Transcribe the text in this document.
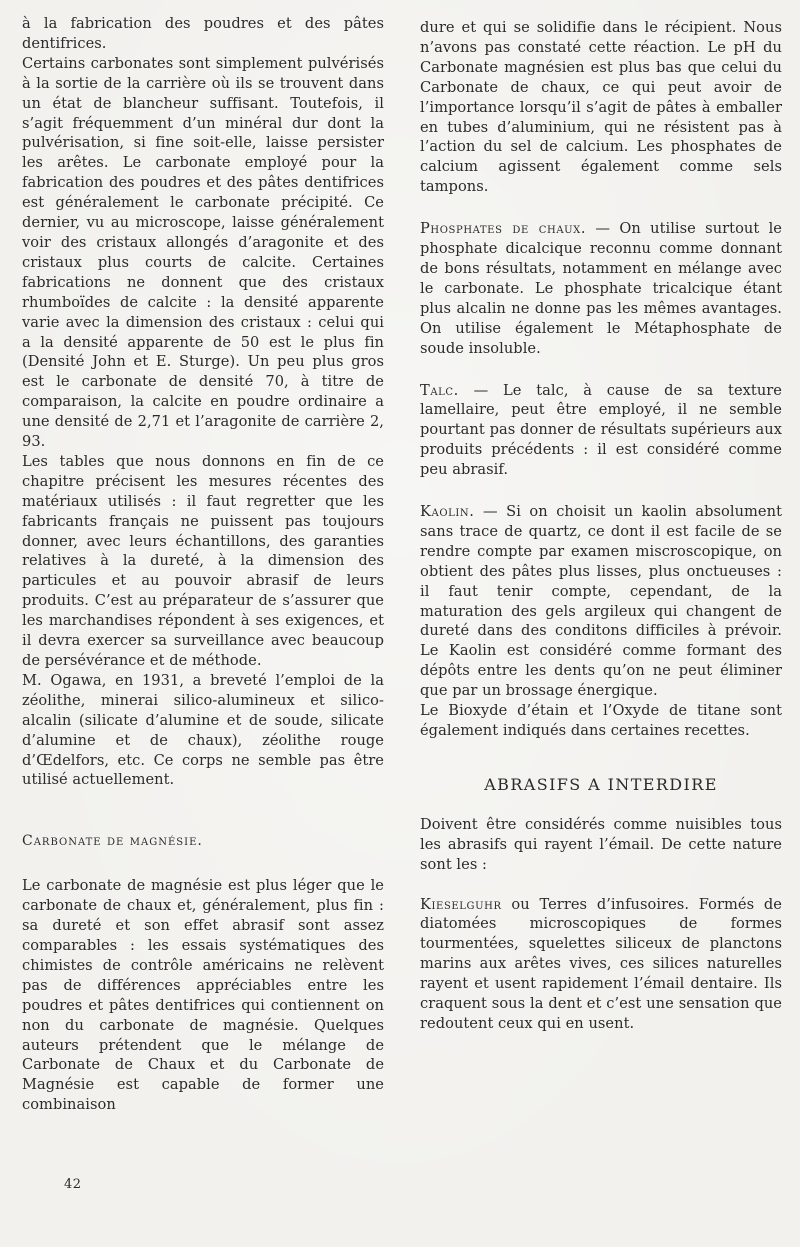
à la fabrication des poudres et des pâtes dentifrices.

Certains carbonates sont simplement pulvérisés à la sortie de la carrière où ils se trouvent dans un état de blancheur suffisant. Toutefois, il s’agit fréquemment d’un minéral dur dont la pulvérisation, si fine soit-elle, laisse persister les arêtes. Le carbonate employé pour la fabrication des poudres et des pâtes dentifrices est généralement le carbonate précipité. Ce dernier, vu au microscope, laisse généralement voir des cristaux allongés d’aragonite et des cristaux plus courts de calcite. Certaines fabrications ne donnent que des cristaux rhumboïdes de calcite : la densité apparente varie avec la dimension des cristaux : celui qui a la densité apparente de 50 est le plus fin (Densité John et E. Sturge). Un peu plus gros est le carbonate de densité 70, à titre de comparaison, la calcite en poudre ordinaire a une densité de 2,71 et l’aragonite de carrière 2, 93.

Les tables que nous donnons en fin de ce chapitre précisent les mesures récentes des matériaux utilisés : il faut regretter que les fabricants français ne puissent pas toujours donner, avec leurs échantillons, des garanties relatives à la dureté, à la dimension des particules et au pouvoir abrasif de leurs produits. C’est au préparateur de s’assurer que les marchandises répondent à ses exigences, et il devra exercer sa surveillance avec beaucoup de persévérance et de méthode.

M. Ogawa, en 1931, a breveté l’emploi de la zéolithe, minerai silico-alumineux et silico-alcalin (silicate d’alumine et de soude, silicate d’alumine et de chaux), zéolithe rouge d’Œdelfors, etc. Ce corps ne semble pas être utilisé actuellement.

Carbonate de magnésie.

Le carbonate de magnésie est plus léger que le carbonate de chaux et, généralement, plus fin : sa dureté et son effet abrasif sont assez comparables : les essais systématiques des chimistes de contrôle américains ne relèvent pas de différences appréciables entre les poudres et pâtes dentifrices qui contiennent on non du carbonate de magnésie. Quelques auteurs prétendent que le mélange de Carbonate de Chaux et du Carbonate de Magnésie est capable de former une combinaison

dure et qui se solidifie dans le récipient. Nous n’avons pas constaté cette réaction. Le pH du Carbonate magnésien est plus bas que celui du Carbonate de chaux, ce qui peut avoir de l’importance lorsqu’il s’agit de pâtes à emballer en tubes d’aluminium, qui ne résistent pas à l’action du sel de calcium. Les phosphates de calcium agissent également comme sels tampons.

Phosphates de chaux. — On utilise surtout le phosphate dicalcique reconnu comme donnant de bons résultats, notamment en mélange avec le carbonate. Le phosphate tricalcique étant plus alcalin ne donne pas les mêmes avantages. On utilise également le Métaphosphate de soude insoluble.

Talc. — Le talc, à cause de sa texture lamellaire, peut être employé, il ne semble pourtant pas donner de résultats supérieurs aux produits précédents : il est considéré comme peu abrasif.

Kaolin. — Si on choisit un kaolin absolument sans trace de quartz, ce dont il est facile de se rendre compte par examen miscroscopique, on obtient des pâtes plus lisses, plus onctueuses : il faut tenir compte, cependant, de la maturation des gels argileux qui changent de dureté dans des conditons difficiles à prévoir. Le Kaolin est considéré comme formant des dépôts entre les dents qu’on ne peut éliminer que par un brossage énergique.

Le Bioxyde d’étain et l’Oxyde de titane sont également indiqués dans certaines recettes.

ABRASIFS A INTERDIRE

Doivent être considérés comme nuisibles tous les abrasifs qui rayent l’émail. De cette nature sont les :

Kieselguhr ou Terres d’infusoires. Formés de diatomées microscopiques de formes tourmentées, squelettes siliceux de planctons marins aux arêtes vives, ces silices naturelles rayent et usent rapidement l’émail dentaire. Ils craquent sous la dent et c’est une sensation que redoutent ceux qui en usent.

42
